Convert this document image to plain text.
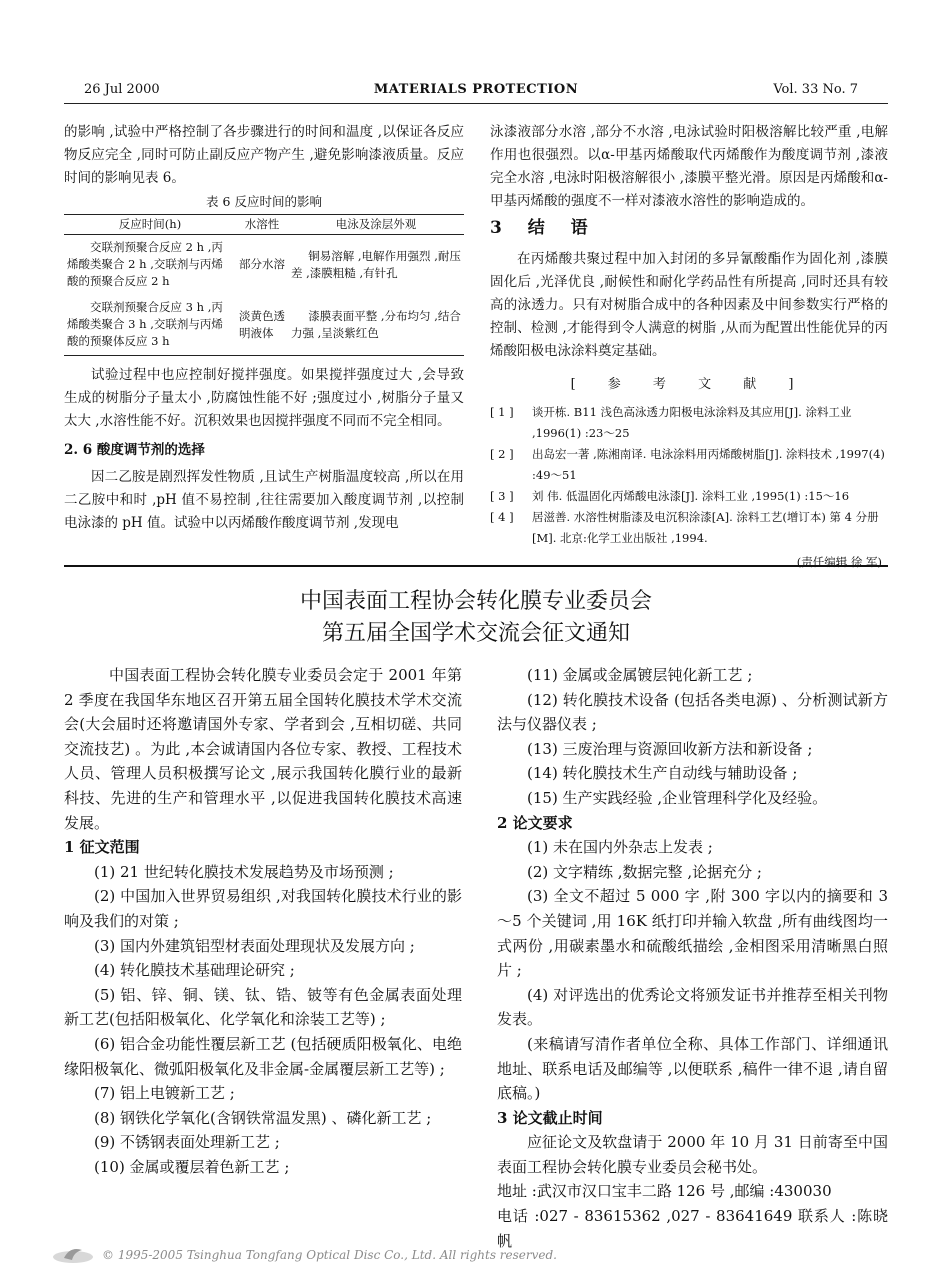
26 Jul 2000	MATERIALS PROTECTION	Vol. 33 No. 7

的影响 ,试验中严格控制了各步骤进行的时间和温度 ,以保证各反应物反应完全 ,同时可防止副反应产物产生 ,避免影响漆液质量。反应时间的影响见表 6。

表 6 反应时间的影响
反应时间(h)	水溶性	电泳及涂层外观
交联剂预聚合反应 2 h ,丙烯酸类聚合 2 h ,交联剂与丙烯酸的预聚合反应 2 h	部分水溶	铜易溶解 ,电解作用强烈 ,耐压差 ,漆膜粗糙 ,有针孔
交联剂预聚合反应 3 h ,丙烯酸类聚合 3 h ,交联剂与丙烯酸的预聚体反应 3 h	淡黄色透明液体	漆膜表面平整 ,分布均匀 ,结合力强 ,呈淡紫红色

试验过程中也应控制好搅拌强度。如果搅拌强度过大 ,会导致生成的树脂分子量太小 ,防腐蚀性能不好 ;强度过小 ,树脂分子量又太大 ,水溶性能不好。沉积效果也因搅拌强度不同而不完全相同。

2. 6 酸度调节剂的选择

因二乙胺是剧烈挥发性物质 ,且试生产树脂温度较高 ,所以在用二乙胺中和时 ,pH 值不易控制 ,往往需要加入酸度调节剂 ,以控制电泳漆的 pH 值。试验中以丙烯酸作酸度调节剂 ,发现电

泳漆液部分水溶 ,部分不水溶 ,电泳试验时阳极溶解比较严重 ,电解作用也很强烈。以α-甲基丙烯酸取代丙烯酸作为酸度调节剂 ,漆液完全水溶 ,电泳时阳极溶解很小 ,漆膜平整光滑。原因是丙烯酸和α-甲基丙烯酸的强度不一样对漆液水溶性的影响造成的。

3 结 语

在丙烯酸共聚过程中加入封闭的多异氰酸酯作为固化剂 ,漆膜固化后 ,光泽优良 ,耐候性和耐化学药品性有所提高 ,同时还具有较高的泳透力。只有对树脂合成中的各种因素及中间参数实行严格的控制、检测 ,才能得到令人满意的树脂 ,从而为配置出性能优异的丙烯酸阳极电泳涂料奠定基础。

[ 参 考 文 献 ]
[ 1 ] 谈开栋. B11 浅色高泳透力阳极电泳涂料及其应用[J]. 涂料工业 ,1996(1) :23～25
[ 2 ] 出岛宏一著 ,陈湘南译. 电泳涂料用丙烯酸树脂[J]. 涂料技术 ,1997(4) :49～51
[ 3 ] 刘 伟. 低温固化丙烯酸电泳漆[J]. 涂料工业 ,1995(1) :15～16
[ 4 ] 居滋善. 水溶性树脂漆及电沉积涂漆[A]. 涂料工艺(增订本) 第 4 分册[M]. 北京:化学工业出版社 ,1994.
(责任编辑 徐 军)
中国表面工程协会转化膜专业委员会
第五届全国学术交流会征文通知

中国表面工程协会转化膜专业委员会定于 2001 年第 2 季度在我国华东地区召开第五届全国转化膜技术学术交流会(大会届时还将邀请国外专家、学者到会 ,互相切磋、共同交流技艺) 。为此 ,本会诚请国内各位专家、教授、工程技术人员、管理人员积极撰写论文 ,展示我国转化膜行业的最新科技、先进的生产和管理水平 ,以促进我国转化膜技术高速发展。

1 征文范围

(1) 21 世纪转化膜技术发展趋势及市场预测 ;

(2) 中国加入世界贸易组织 ,对我国转化膜技术行业的影响及我们的对策 ;

(3) 国内外建筑铝型材表面处理现状及发展方向 ;

(4) 转化膜技术基础理论研究 ;

(5) 铝、锌、铜、镁、钛、锆、铍等有色金属表面处理新工艺(包括阳极氧化、化学氧化和涂装工艺等) ;

(6) 铝合金功能性覆层新工艺 (包括硬质阳极氧化、电绝缘阳极氧化、微弧阳极氧化及非金属-金属覆层新工艺等) ;

(7) 铝上电镀新工艺 ;

(8) 钢铁化学氧化(含钢铁常温发黑) 、磷化新工艺 ;

(9) 不锈钢表面处理新工艺 ;

(10) 金属或覆层着色新工艺 ;

(11) 金属或金属镀层钝化新工艺 ;

(12) 转化膜技术设备 (包括各类电源) 、分析测试新方法与仪器仪表 ;

(13) 三废治理与资源回收新方法和新设备 ;

(14) 转化膜技术生产自动线与辅助设备 ;

(15) 生产实践经验 ,企业管理科学化及经验。

2 论文要求

(1) 未在国内外杂志上发表 ;

(2) 文字精练 ,数据完整 ,论据充分 ;

(3) 全文不超过 5 000 字 ,附 300 字以内的摘要和 3～5 个关键词 ,用 16K 纸打印并输入软盘 ,所有曲线图均一式两份 ,用碳素墨水和硫酸纸描绘 ,金相图采用清晰黑白照片 ;

(4) 对评选出的优秀论文将颁发证书并推荐至相关刊物发表。

(来稿请写清作者单位全称、具体工作部门、详细通讯地址、联系电话及邮编等 ,以便联系 ,稿件一律不退 ,请自留底稿。)

3 论文截止时间

应征论文及软盘请于 2000 年 10 月 31 日前寄至中国表面工程协会转化膜专业委员会秘书处。

地址 :武汉市汉口宝丰二路 126 号 ,邮编 :430030

电话 :027 - 83615362 ,027 - 83641649 联系人 :陈晓帆

© 1995-2005 Tsinghua Tongfang Optical Disc Co., Ltd. All rights reserved.
